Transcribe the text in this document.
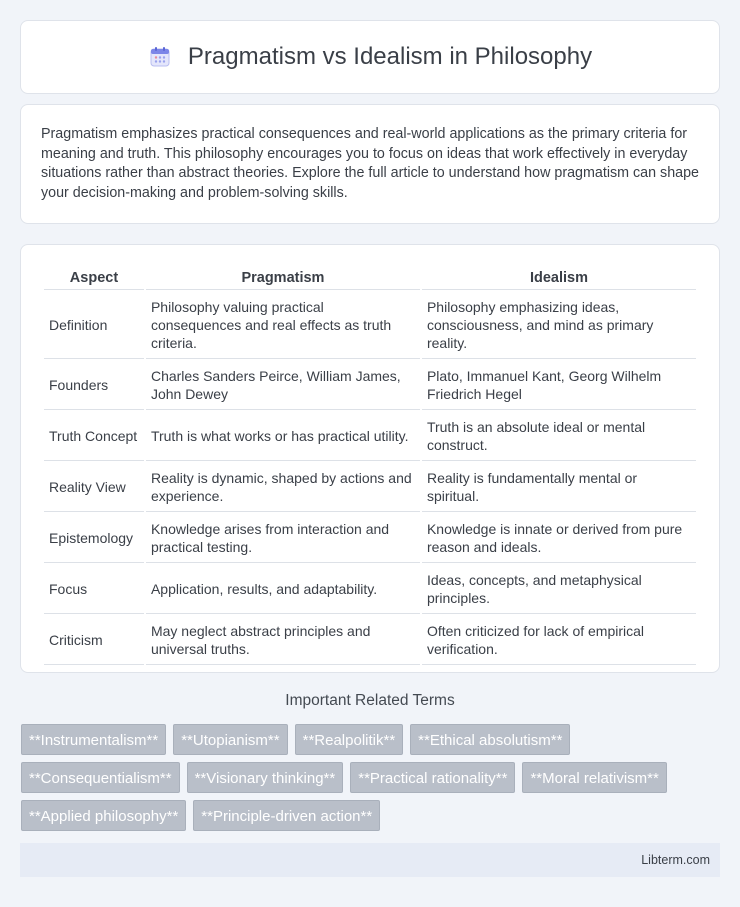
Pragmatism vs Idealism in Philosophy

Pragmatism emphasizes practical consequences and real-world applications as the primary criteria for meaning and truth. This philosophy encourages you to focus on ideas that work effectively in everyday situations rather than abstract theories. Explore the full article to understand how pragmatism can shape your decision-making and problem-solving skills.

Aspect	Pragmatism	Idealism
Definition	Philosophy valuing practical consequences and real effects as truth criteria.	Philosophy emphasizing ideas, consciousness, and mind as primary reality.
Founders	Charles Sanders Peirce, William James, John Dewey	Plato, Immanuel Kant, Georg Wilhelm Friedrich Hegel
Truth Concept	Truth is what works or has practical utility.	Truth is an absolute ideal or mental construct.
Reality View	Reality is dynamic, shaped by actions and experience.	Reality is fundamentally mental or spiritual.
Epistemology	Knowledge arises from interaction and practical testing.	Knowledge is innate or derived from pure reason and ideals.
Focus	Application, results, and adaptability.	Ideas, concepts, and metaphysical principles.
Criticism	May neglect abstract principles and universal truths.	Often criticized for lack of empirical verification.
Important Related Terms
**Instrumentalism**	**Utopianism**	**Realpolitik**	**Ethical absolutism**
**Consequentialism**	**Visionary thinking**	**Practical rationality**	**Moral relativism**
**Applied philosophy**	**Principle-driven action**
Libterm.com
